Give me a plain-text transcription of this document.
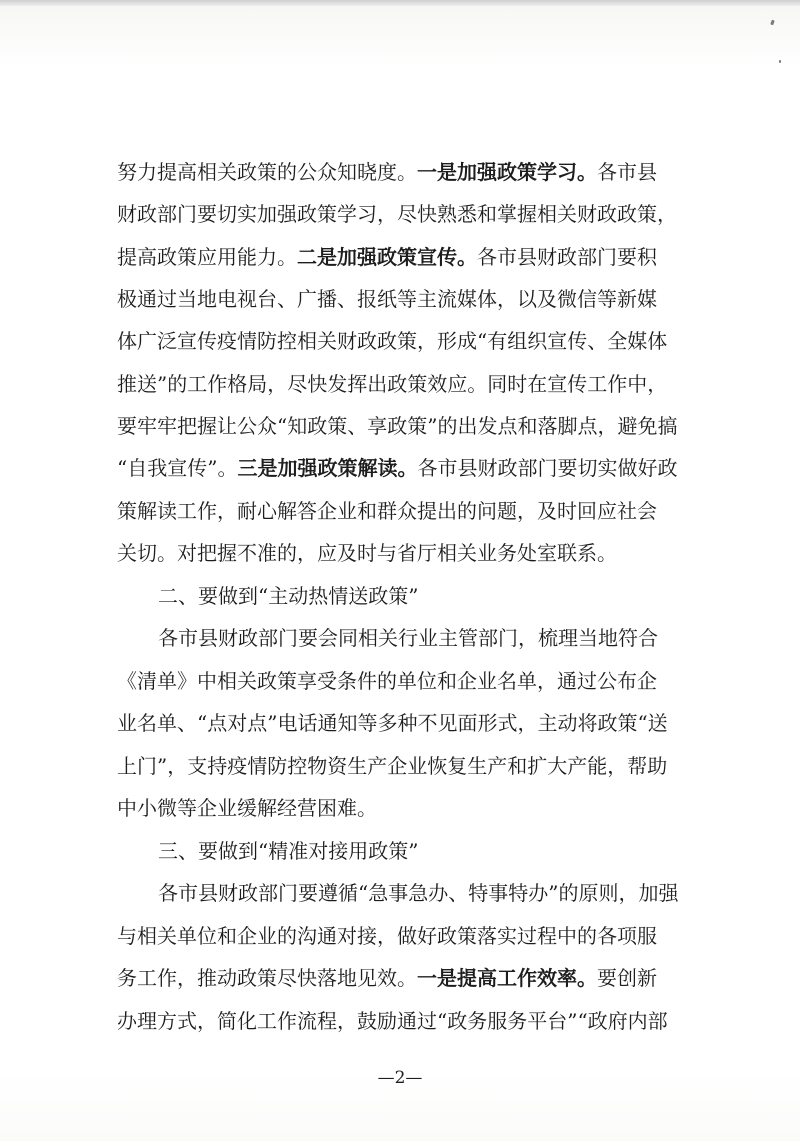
努力提高相关政策的公众知晓度。一是加强政策学习。各市县
财政部门要切实加强政策学习，尽快熟悉和掌握相关财政政策，
提高政策应用能力。二是加强政策宣传。各市县财政部门要积
极通过当地电视台、广播、报纸等主流媒体，以及微信等新媒
体广泛宣传疫情防控相关财政政策，形成“有组织宣传、全媒体
推送”的工作格局，尽快发挥出政策效应。同时在宣传工作中，
要牢牢把握让公众“知政策、享政策”的出发点和落脚点，避免搞
“自我宣传”。三是加强政策解读。各市县财政部门要切实做好政
策解读工作，耐心解答企业和群众提出的问题，及时回应社会
关切。对把握不准的，应及时与省厅相关业务处室联系。
二、要做到“主动热情送政策”
各市县财政部门要会同相关行业主管部门，梳理当地符合
《清单》中相关政策享受条件的单位和企业名单，通过公布企
业名单、“点对点”电话通知等多种不见面形式，主动将政策“送
上门”，支持疫情防控物资生产企业恢复生产和扩大产能，帮助
中小微等企业缓解经营困难。
三、要做到“精准对接用政策”
各市县财政部门要遵循“急事急办、特事特办”的原则，加强
与相关单位和企业的沟通对接，做好政策落实过程中的各项服
务工作，推动政策尽快落地见效。一是提高工作效率。要创新
办理方式，简化工作流程，鼓励通过“政务服务平台”“政府内部
—2—
